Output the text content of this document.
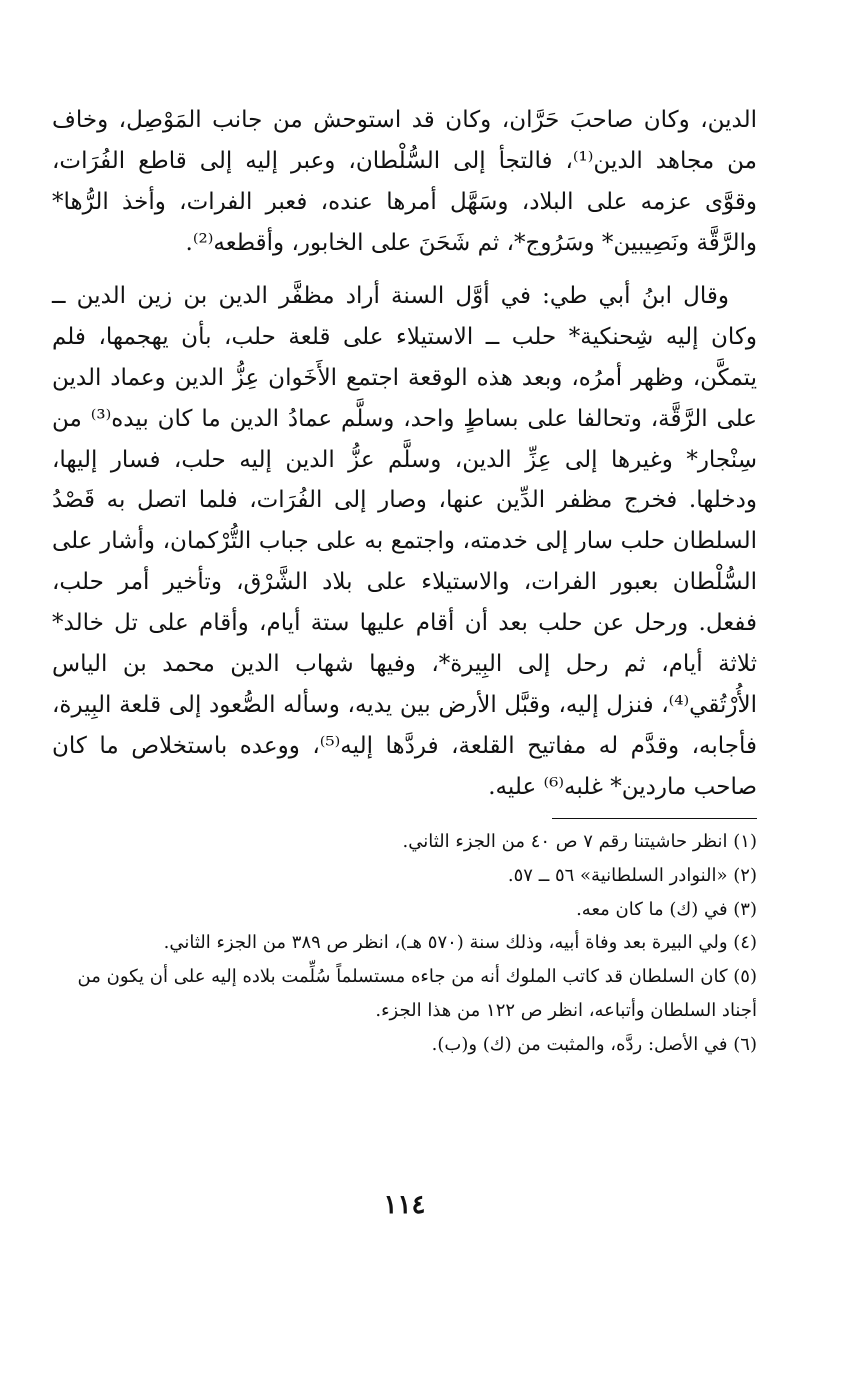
الدين، وكان صاحبَ حَرَّان، وكان قد استوحش من جانب المَوْصِل، وخاف من مجاهد الدين⁽¹⁾، فالتجأ إلى السُّلْطان، وعبر إليه إلى قاطع الفُرَات، وقوَّى عزمه على البلاد، وسَهَّل أمرها عنده، فعبر الفرات، وأخذ الرُّها* والرَّقَّة ونَصِيبين* وسَرُوج*، ثم شَحَنَ على الخابور، وأقطعه⁽²⁾.

وقال ابنُ أبي طي: في أوَّل السنة أراد مظفَّر الدين بن زين الدين ــ وكان إليه شِحنكية* حلب ــ الاستيلاء على قلعة حلب، بأن يهجمها، فلم يتمكَّن، وظهر أمرُه، وبعد هذه الوقعة اجتمع الأَخَوان عِزُّ الدين وعماد الدين على الرَّقَّة، وتحالفا على بساطٍ واحد، وسلَّم عمادُ الدين ما كان بيده⁽³⁾ من سِنْجار* وغيرها إلى عِزِّ الدين، وسلَّم عزُّ الدين إليه حلب، فسار إليها، ودخلها. فخرج مظفر الدِّين عنها، وصار إلى الفُرَات، فلما اتصل به قَصْدُ السلطان حلب سار إلى خدمته، واجتمع به على جباب التُّرْكمان، وأشار على السُّلْطان بعبور الفرات، والاستيلاء على بلاد الشَّرْق، وتأخير أمر حلب، ففعل. ورحل عن حلب بعد أن أقام عليها ستة أيام، وأقام على تل خالد* ثلاثة أيام، ثم رحل إلى البِيرة*، وفيها شهاب الدين محمد بن الياس الأُرْتُقي⁽⁴⁾، فنزل إليه، وقبَّل الأرض بين يديه، وسأله الصُّعود إلى قلعة البِيرة، فأجابه، وقدَّم له مفاتيح القلعة، فردَّها إليه⁽⁵⁾، ووعده باستخلاص ما كان صاحب ماردين* غلبه⁽⁶⁾ عليه.

(١) انظر حاشيتنا رقم ٧ ص ٤٠ من الجزء الثاني.

(٢) «النوادر السلطانية» ٥٦ ــ ٥٧.

(٣) في (ك) ما كان معه.

(٤) ولي البيرة بعد وفاة أبيه، وذلك سنة (٥٧٠ هـ)، انظر ص ٣٨٩ من الجزء الثاني.

(٥) كان السلطان قد كاتب الملوك أنه من جاءه مستسلماً سُلِّمت بلاده إليه على أن يكون من أجناد السلطان وأتباعه، انظر ص ١٢٢ من هذا الجزء.

(٦) في الأصل: ردَّه، والمثبت من (ك) و(ب).

١١٤
